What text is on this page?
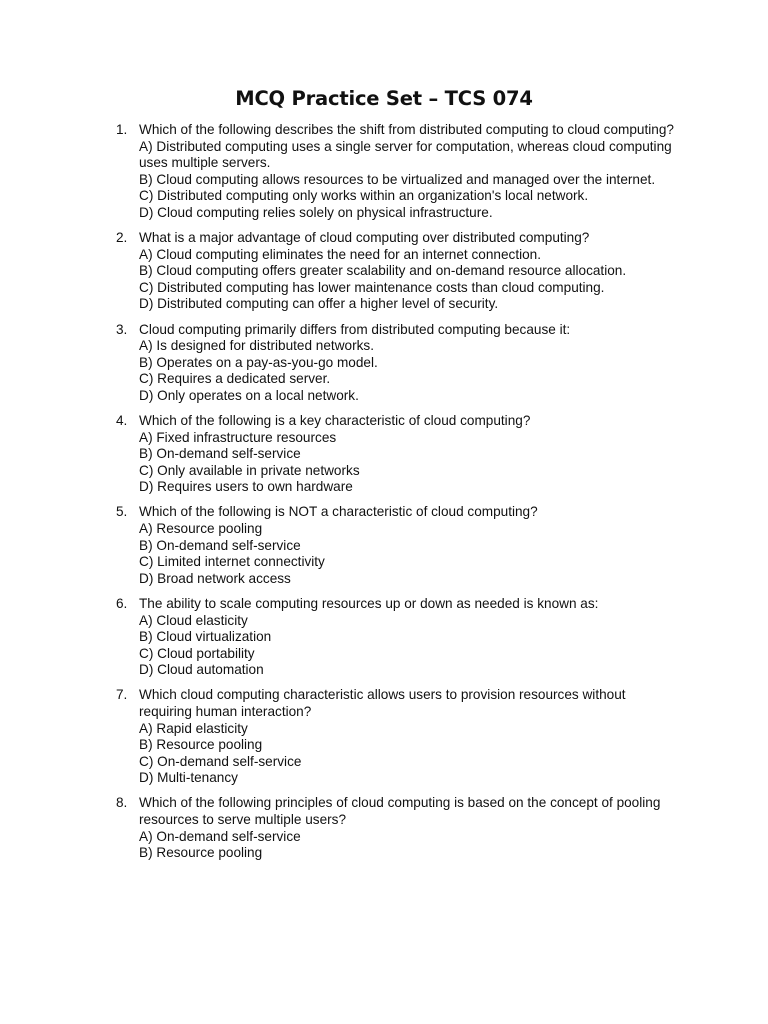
MCQ Practice Set – TCS 074
1. Which of the following describes the shift from distributed computing to cloud computing?
A) Distributed computing uses a single server for computation, whereas cloud computing uses multiple servers.
B) Cloud computing allows resources to be virtualized and managed over the internet.
C) Distributed computing only works within an organization's local network.
D) Cloud computing relies solely on physical infrastructure.
2. What is a major advantage of cloud computing over distributed computing?
A) Cloud computing eliminates the need for an internet connection.
B) Cloud computing offers greater scalability and on-demand resource allocation.
C) Distributed computing has lower maintenance costs than cloud computing.
D) Distributed computing can offer a higher level of security.
3. Cloud computing primarily differs from distributed computing because it:
A) Is designed for distributed networks.
B) Operates on a pay-as-you-go model.
C) Requires a dedicated server.
D) Only operates on a local network.
4. Which of the following is a key characteristic of cloud computing?
A) Fixed infrastructure resources
B) On-demand self-service
C) Only available in private networks
D) Requires users to own hardware
5. Which of the following is NOT a characteristic of cloud computing?
A) Resource pooling
B) On-demand self-service
C) Limited internet connectivity
D) Broad network access
6. The ability to scale computing resources up or down as needed is known as:
A) Cloud elasticity
B) Cloud virtualization
C) Cloud portability
D) Cloud automation
7. Which cloud computing characteristic allows users to provision resources without requiring human interaction?
A) Rapid elasticity
B) Resource pooling
C) On-demand self-service
D) Multi-tenancy
8. Which of the following principles of cloud computing is based on the concept of pooling resources to serve multiple users?
A) On-demand self-service
B) Resource pooling
